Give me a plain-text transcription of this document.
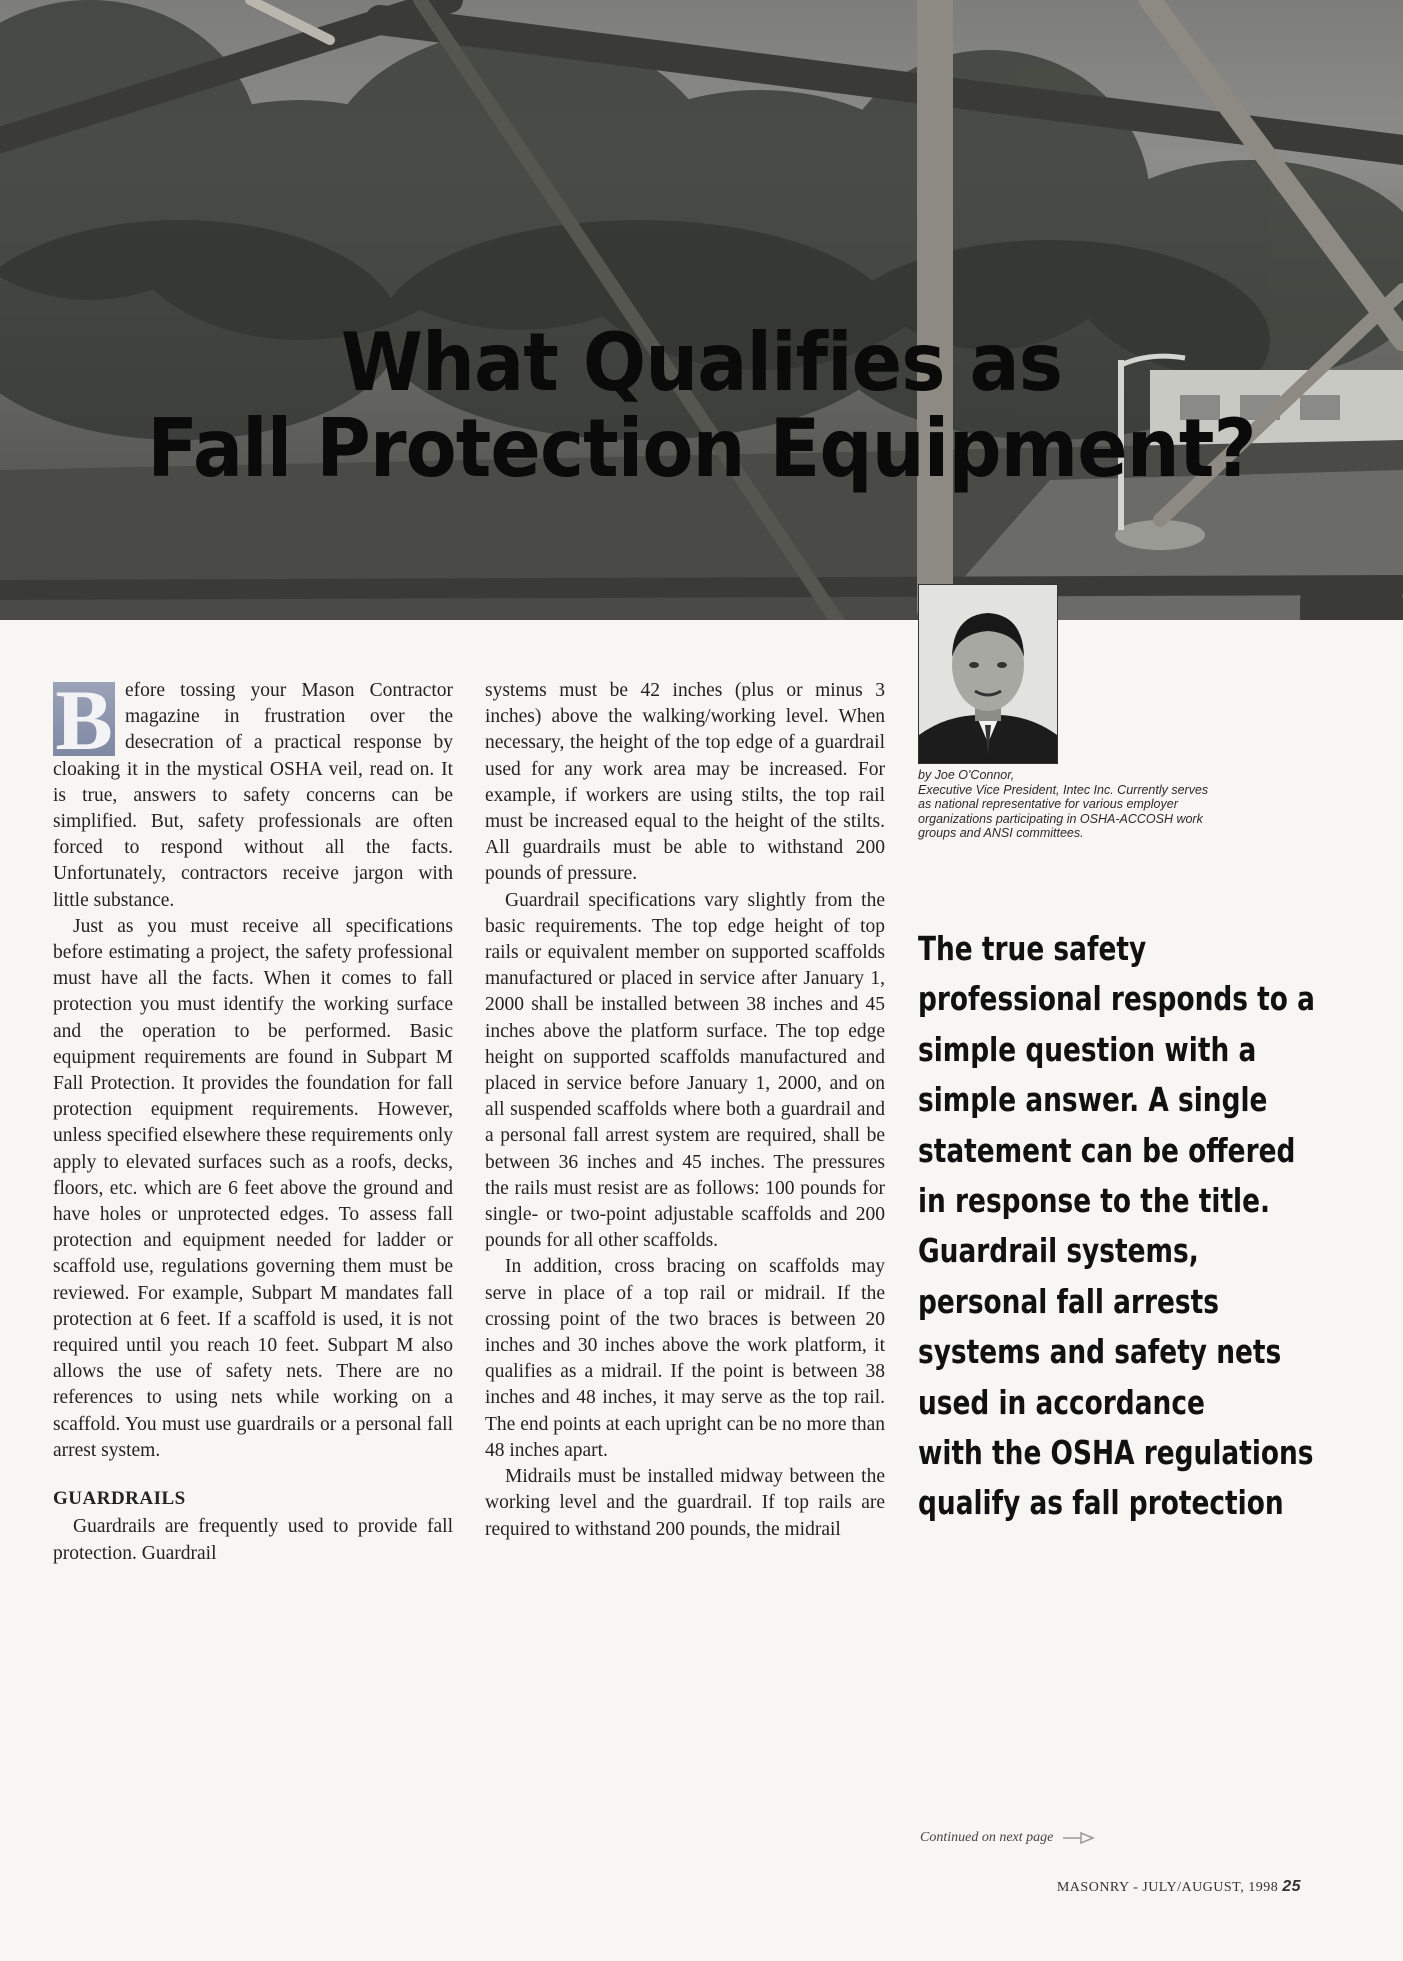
What Qualifies as
Fall Protection Equipment?
by Joe O'Connor,
Executive Vice President, Intec Inc. Currently serves
as national representative for various employer
organizations participating in OSHA-ACCOSH work
groups and ANSI committees.

B efore tossing your Mason Contractor magazine in frustration over the desecration of a practical response by cloaking it in the mystical OSHA veil, read on. It is true, answers to safety concerns can be simplified. But, safety professionals are often forced to respond without all the facts. Unfortunately, contractors receive jargon with little substance.

Just as you must receive all specifications before estimating a project, the safety professional must have all the facts. When it comes to fall protection you must identify the working surface and the operation to be performed. Basic equipment requirements are found in Subpart M Fall Protection. It provides the foundation for fall protection equipment requirements. However, unless specified elsewhere these requirements only apply to elevated surfaces such as a roofs, decks, floors, etc. which are 6 feet above the ground and have holes or unprotected edges. To assess fall protection and equipment needed for ladder or scaffold use, regulations governing them must be reviewed. For example, Subpart M mandates fall protection at 6 feet. If a scaffold is used, it is not required until you reach 10 feet. Subpart M also allows the use of safety nets. There are no references to using nets while working on a scaffold. You must use guardrails or a personal fall arrest system.

GUARDRAILS

Guardrails are frequently used to provide fall protection. Guardrail

systems must be 42 inches (plus or minus 3 inches) above the walking/working level. When necessary, the height of the top edge of a guardrail used for any work area may be increased. For example, if workers are using stilts, the top rail must be increased equal to the height of the stilts. All guardrails must be able to withstand 200 pounds of pressure.

Guardrail specifications vary slightly from the basic requirements. The top edge height of top rails or equivalent member on supported scaffolds manufactured or placed in service after January 1, 2000 shall be installed between 38 inches and 45 inches above the platform surface. The top edge height on supported scaffolds manufactured and placed in service before January 1, 2000, and on all suspended scaffolds where both a guardrail and a personal fall arrest system are required, shall be between 36 inches and 45 inches. The pressures the rails must resist are as follows: 100 pounds for single- or two-point adjustable scaffolds and 200 pounds for all other scaffolds.

In addition, cross bracing on scaffolds may serve in place of a top rail or midrail. If the crossing point of the two braces is between 20 inches and 30 inches above the work platform, it qualifies as a midrail. If the point is between 38 inches and 48 inches, it may serve as the top rail. The end points at each upright can be no more than 48 inches apart.

Midrails must be installed midway between the working level and the guardrail. If top rails are required to withstand 200 pounds, the midrail

The true safety
professional responds to a
simple question with a
simple answer. A single
statement can be offered
in response to the title.
Guardrail systems,
personal fall arrests
systems and safety nets
used in accordance
with the OSHA regulations
qualify as fall protection
Continued on next page
MASONRY - JULY/AUGUST, 1998 25
